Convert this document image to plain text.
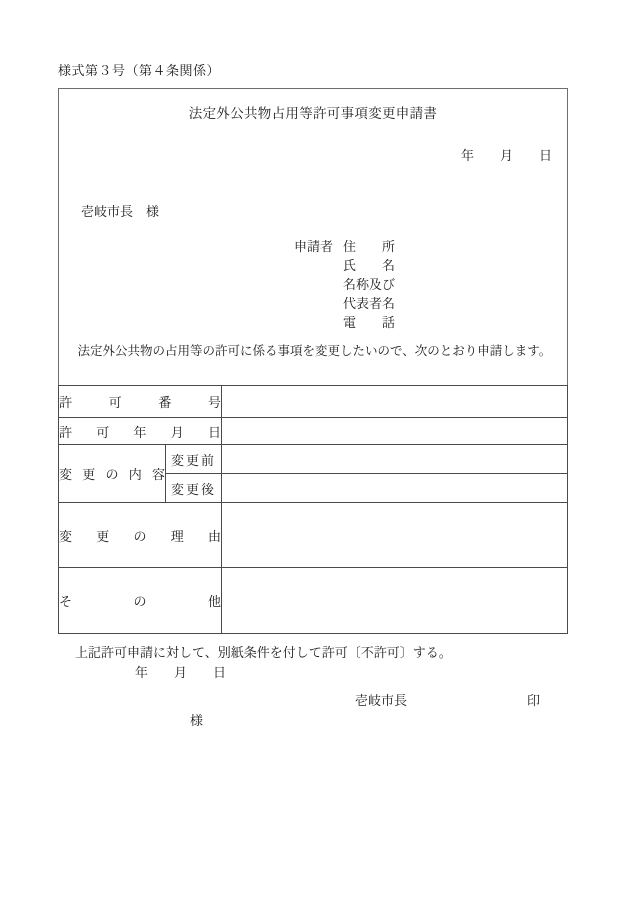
様式第３号（第４条関係）
法定外公共物占用等許可事項変更申請書
年　　月　　日
壱岐市長　様
申請者 住　　所
氏　　名
名称及び
代表者名
電　　話
　法定外公共物の占用等の許可に係る事項を変更したいので、次のとおり申請します。
許 可 番 号		

許 可 年 月 日		

変 更 の 内 容	変更前	
	変更後	

変 更 の 理 由		

そ の 他		

　上記許可申請に対して、別紙条件を付して許可〔不許可〕する。
年　　月　　日
壱岐市長	印
様
